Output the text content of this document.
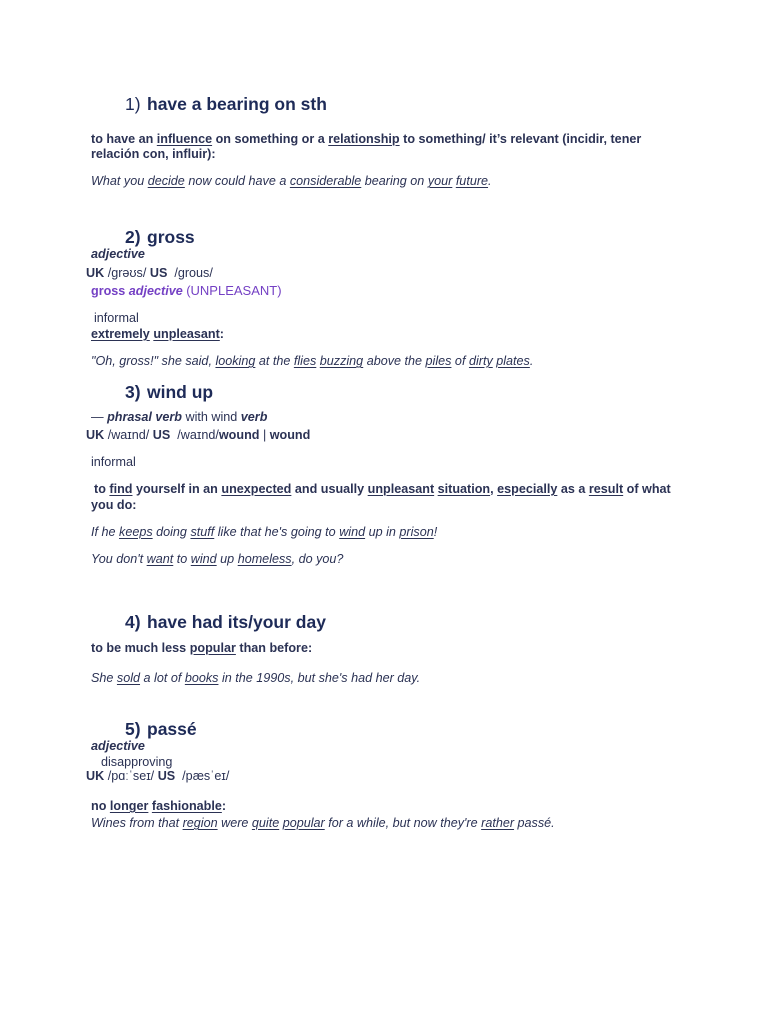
1) have a bearing on sth

to have an influence on something or a relationship to something/ it’s relevant (incidir, tener

relación con, influir):

What you decide now could have a considerable bearing on your future.

2) gross

adjective

UK /grəʊs/ US  /grous/

gross adjective (UNPLEASANT)

informal

extremely unpleasant:

"Oh, gross!" she said, looking at the flies buzzing above the piles of dirty plates.

3) wind up

— phrasal verb with wind verb

UK /waɪnd/ US  /waɪnd/wound | wound

informal

to find yourself in an unexpected and usually unpleasant situation, especially as a result of what

you do:

If he keeps doing stuff like that he's going to wind up in prison!

You don't want to wind up homeless, do you?

4) have had its/your day

to be much less popular than before:

She sold a lot of books in the 1990s, but she's had her day.

5) passé

adjective

disapproving

UK /pɑːˈseɪ/ US  /pæsˈeɪ/

no longer fashionable:

Wines from that region were quite popular for a while, but now they're rather passé.
